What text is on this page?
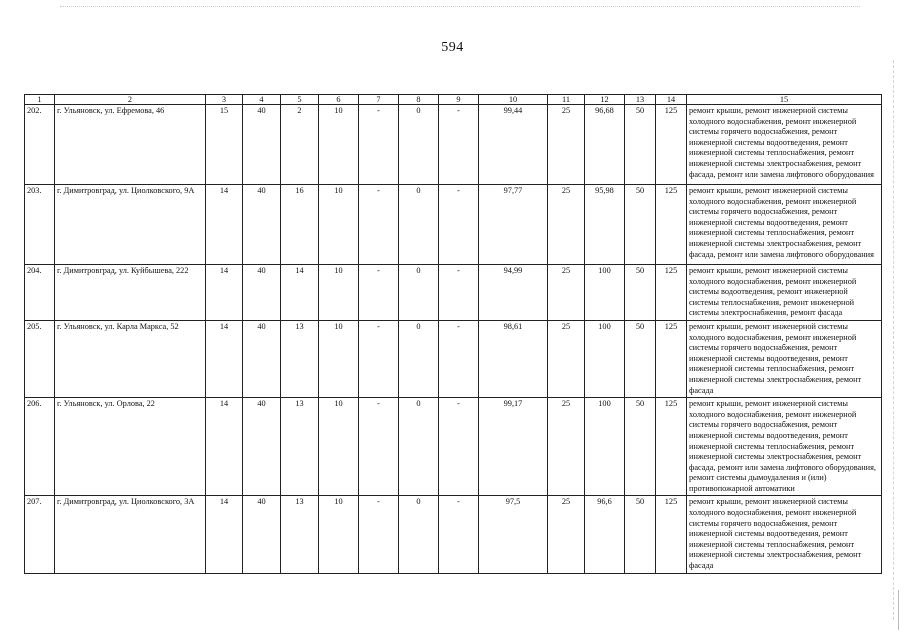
594
1	2	3	4	5	6	7	8	9	10	11	12	13	14	15
202.	г. Ульяновск, ул. Ефремова, 46	15	40	2	10	-	0	-	99,44	25	96,68	50	125	ремонт крыши, ремонт инженерной системы холодного водоснабжения, ремонт инженерной системы горячего водоснабжения, ремонт инженерной системы водоотведения, ремонт инженерной системы теплоснабжения, ремонт инженерной системы электроснабжения, ремонт фасада, ремонт или замена лифтового оборудования
203.	г. Димитровград, ул. Циолковского, 9А	14	40	16	10	-	0	-	97,77	25	95,98	50	125	ремонт крыши, ремонт инженерной системы холодного водоснабжения, ремонт инженерной системы горячего водоснабжения, ремонт инженерной системы водоотведения, ремонт инженерной системы теплоснабжения, ремонт инженерной системы электроснабжения, ремонт фасада, ремонт или замена лифтового оборудования
204.	г. Димитровград, ул. Куйбышева, 222	14	40	14	10	-	0	-	94,99	25	100	50	125	ремонт крыши, ремонт инженерной системы холодного водоснабжения, ремонт инженерной системы водоотведения, ремонт инженерной системы теплоснабжения, ремонт инженерной системы электроснабжения, ремонт фасада
205.	г. Ульяновск, ул. Карла Маркса, 52	14	40	13	10	-	0	-	98,61	25	100	50	125	ремонт крыши, ремонт инженерной системы холодного водоснабжения, ремонт инженерной системы горячего водоснабжения, ремонт инженерной системы водоотведения, ремонт инженерной системы теплоснабжения, ремонт инженерной системы электроснабжения, ремонт фасада
206.	г. Ульяновск, ул. Орлова, 22	14	40	13	10	-	0	-	99,17	25	100	50	125	ремонт крыши, ремонт инженерной системы холодного водоснабжения, ремонт инженерной системы горячего водоснабжения, ремонт инженерной системы водоотведения, ремонт инженерной системы теплоснабжения, ремонт инженерной системы электроснабжения, ремонт фасада, ремонт или замена лифтового оборудования, ремонт системы дымоудаления и (или) противопожарной автоматики
207.	г. Димитровград, ул. Циолковского, 3А	14	40	13	10	-	0	-	97,5	25	96,6	50	125	ремонт крыши, ремонт инженерной системы холодного водоснабжения, ремонт инженерной системы горячего водоснабжения, ремонт инженерной системы водоотведения, ремонт инженерной системы теплоснабжения, ремонт инженерной системы электроснабжения, ремонт фасада
